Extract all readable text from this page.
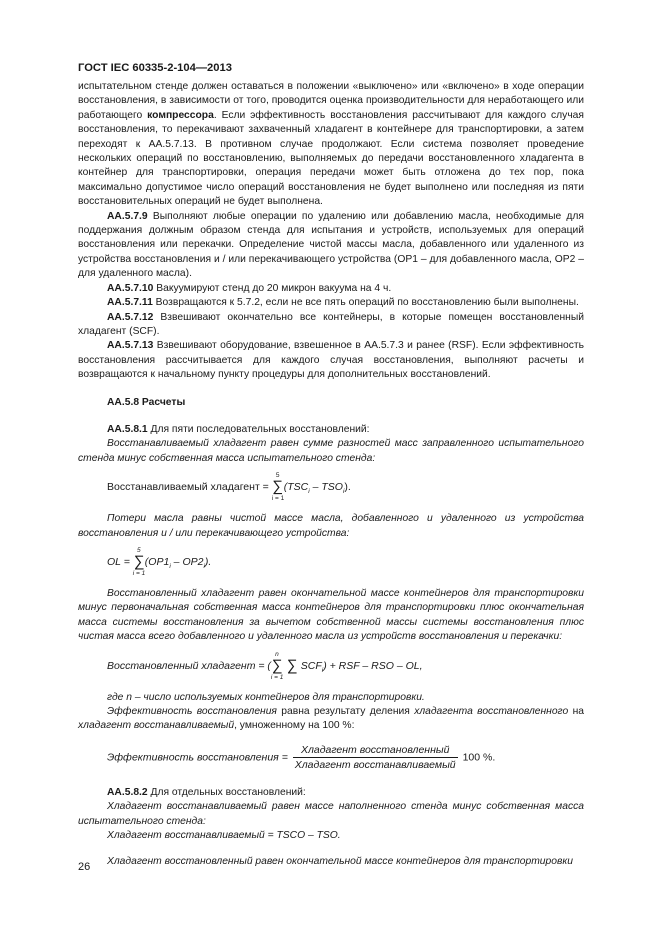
ГОСТ IEC 60335-2-104—2013

испытательном стенде должен оставаться в положении «выключено» или «включено» в ходе операции восстановления, в зависимости от того, проводится оценка производительности для неработающего или работающего компрессора. Если эффективность восстановления рассчитывают для каждого случая восстановления, то перекачивают захваченный хладагент в контейнере для транспортировки, а затем переходят к АА.5.7.13. В противном случае продолжают. Если система позволяет проведение нескольких операций по восстановлению, выполняемых до передачи восстановленного хладагента в контейнер для транспортировки, операция передачи может быть отложена до тех пор, пока максимально допустимое число операций восстановления не будет выполнено или последняя из пяти восстановительных операций не будет выполнена.

АА.5.7.9 Выполняют любые операции по удалению или добавлению масла, необходимые для поддержания должным образом стенда для испытания и устройств, используемых для операций восстановления или перекачки. Определение чистой массы масла, добавленного или удаленного из устройства восстановления и / или перекачивающего устройства (ОР1 – для добавленного масла, ОР2 – для удаленного масла).

АА.5.7.10 Вакуумируют стенд до 20 микрон вакуума на 4 ч.

АА.5.7.11 Возвращаются к 5.7.2, если не все пять операций по восстановлению были выполнены.

АА.5.7.12 Взвешивают окончательно все контейнеры, в которые помещен восстановленный хладагент (SCF).

АА.5.7.13 Взвешивают оборудование, взвешенное в АА.5.7.3 и ранее (RSF). Если эффективность восстановления рассчитывается для каждого случая восстановления, выполняют расчеты и возвращаются к начальному пункту процедуры для дополнительных восстановлений.

АА.5.8 Расчеты

АА.5.8.1 Для пяти последовательных восстановлений:

Восстанавливаемый хладагент равен сумме разностей масс заправленного испытательного стенда минус собственная масса испытательного стенда:

Восстанавливаемый хладагент = ∑
5
i = 1
$(TSC_i - TSO_i)$.

Потери масла равны чистой массе масла, добавленного и удаленного из устройства восстановления и / или перекачивающего устройства:

OL = ∑
5
i = 1
$(OP1_i - OP2_i)$.

Восстановленный хладагент равен окончательной массе контейнеров для транспортировки минус первоначальная собственная масса контейнеров для транспортировки плюс окончательная масса системы восстановления за вычетом собственной массы системы восстановления плюс чистая масса всего добавленного и удаленного масла из устройств восстановления и перекачки:

Восстановленный хладагент = (∑
n
i = 1
∑ $SCF_i$) + RSF – RSO – OL,

где n – число используемых контейнеров для транспортировки.

Эффективность восстановления равна результату деления хладагента восстановленного на хладагент восстанавливаемый, умноженному на 100 %:

Эффективность восстановления = $\frac{\text{Хладагент восстановленный}}{\text{Хладагент восстанавливаемый}} 100$ %.

АА.5.8.2 Для отдельных восстановлений:

Хладагент восстанавливаемый равен массе наполненного стенда минус собственная масса испытательного стенда:

Хладагент восстанавливаемый = TSCO – TSO.

Хладагент восстановленный равен окончательной массе контейнеров для транспортировки

26
